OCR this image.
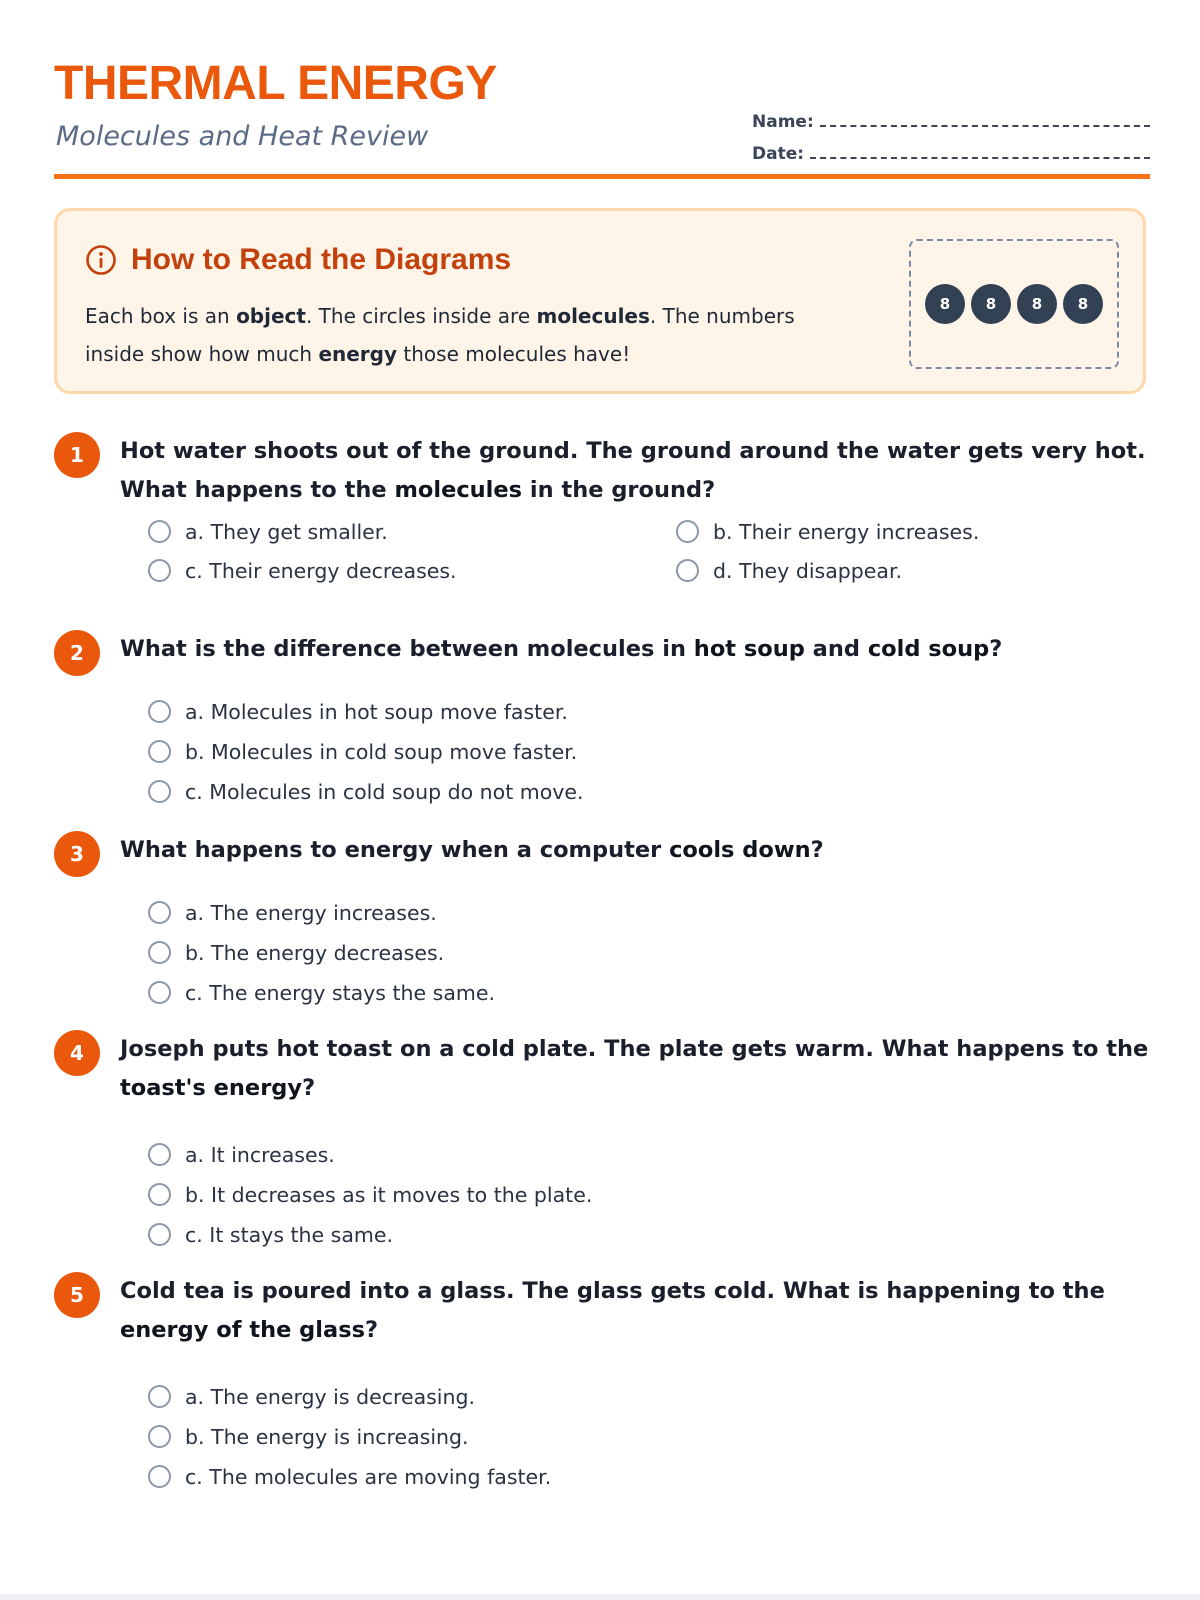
THERMAL ENERGY

Molecules and Heat Review	Name:
Date:
How to Read the Diagrams
Each box is an object. The circles inside are molecules. The numbers inside show how much energy those molecules have!
8	8	8	8
1	Hot water shoots out of the ground. The ground around the water gets very hot. What happens to the molecules in the ground?

a. They get smaller.	b. Their energy increases.
c. Their energy decreases.	d. They disappear.
2	What is the difference between molecules in hot soup and cold soup?

a. Molecules in hot soup move faster.
b. Molecules in cold soup move faster.
c. Molecules in cold soup do not move.
3	What happens to energy when a computer cools down?

a. The energy increases.
b. The energy decreases.
c. The energy stays the same.
4	Joseph puts hot toast on a cold plate. The plate gets warm. What happens to the toast's energy?

a. It increases.
b. It decreases as it moves to the plate.
c. It stays the same.
5	Cold tea is poured into a glass. The glass gets cold. What is happening to the energy of the glass?

a. The energy is decreasing.
b. The energy is increasing.
c. The molecules are moving faster.
